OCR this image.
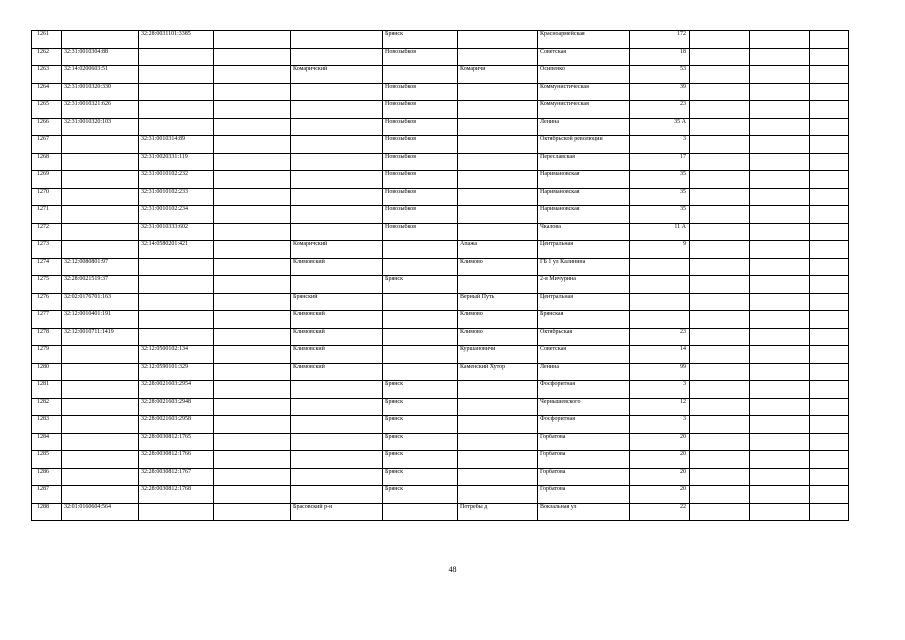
1261		32:28:0031101:3385			Брянск		Красноармейская	172			
1262	32:31:0010304:88				Новозыбков		Советская	18			
1263	32:14:0200603:51			Комаричский		Комаричи	Осипенко	53			
1264	32:31:0010320:330				Новозыбков		Коммунистическая	39			
1265	32:31:0010321:626				Новозыбков		Коммунистическая	23			
1266	32:31:0010320:103				Новозыбков		Ленина	35 А			
1267		32:31:0010314:89			Новозыбков		Октябрьской революции	3			
1268		32:31:0020331:119			Новозыбков		Переславская	17			
1269		32:31:0010102:232			Новозыбков		Наримановская	35			
1270		32:31:0010102:233			Новозыбков		Наримановская	35			
1271		32:31:0010102:234			Новозыбков		Наримановская	35			
1272		32:31:0010333:602			Новозыбков		Чкалова	11 А			
1273		32:14:0580201:421		Комаричский		Апажа	Центральная	9			
1274	32:12:0080801:97			Климовский		Климово	ГБ 1 ул Калинина				
1275	32:28:0021519:37				Брянск		2-я Мичурина				
1276	32:02:0176701:163			Брянский		Верный Путь	Центральная				
1277	32:12:0010401:191			Климовский		Климово	Брянская				
1278	32:12:0010711:1419			Климовский		Климово	Октябрьская	23			
1279		32:12:0500102:134		Климовский		Куршановичи	Советская	14			
1280		32:12:0590101:329		Климовский		Каменский Хутор	Ленина	99			
1281		32:28:0021603:2954			Брянск		Фосфоритная	3			
1282		32:28:0021603:2948			Брянск		Чернышевского	12			
1283		32:28:0021603:2958			Брянск		Фосфоритная	3			
1284		32:28:0030812:1765			Брянск		Горбатова	20			
1285		32:28:0030812:1766			Брянск		Горбатова	20			
1286		32:28:0030812:1767			Брянск		Горбатова	20			
1287		32:28:0030812:1768			Брянск		Горбатова	20			
1288	32:01:0160604:564			Брасовский р-н		Потребы д	Вокзальная ул	22			
48
